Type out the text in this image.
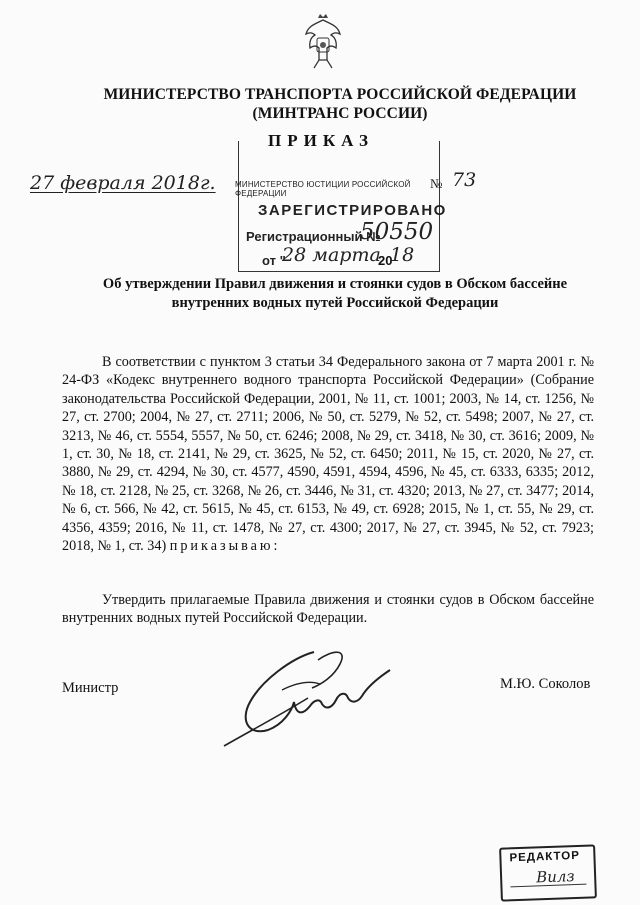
МИНИСТЕРСТВО ТРАНСПОРТА РОССИЙСКОЙ ФЕДЕРАЦИИ
(МИНТРАНС РОССИИ)
ПРИКАЗ
МИНИСТЕРСТВО ЮСТИЦИИ РОССИЙСКОЙ ФЕДЕРАЦИИ
ЗАРЕГИСТРИРОВАНО
Регистрационный №
50550
от "
28 марта
20
18
27 февраля 2018г.	№ 73
Об утверждении Правил движения и стоянки судов в Обском бассейне внутренних водных путей Российской Федерации
В соответствии с пунктом 3 статьи 34 Федерального закона от 7 марта 2001 г. № 24-ФЗ «Кодекс внутреннего водного транспорта Российской Федерации» (Собрание законодательства Российской Федерации, 2001, № 11, ст. 1001; 2003, № 14, ст. 1256, № 27, ст. 2700; 2004, № 27, ст. 2711; 2006, № 50, ст. 5279, № 52, ст. 5498; 2007, № 27, ст. 3213, № 46, ст. 5554, 5557, № 50, ст. 6246; 2008, № 29, ст. 3418, № 30, ст. 3616; 2009, № 1, ст. 30, № 18, ст. 2141, № 29, ст. 3625, № 52, ст. 6450; 2011, № 15, ст. 2020, № 27, ст. 3880, № 29, ст. 4294, № 30, ст. 4577, 4590, 4591, 4594, 4596, № 45, ст. 6333, 6335; 2012, № 18, ст. 2128, № 25, ст. 3268, № 26, ст. 3446, № 31, ст. 4320; 2013, № 27, ст. 3477; 2014, № 6, ст. 566, № 42, ст. 5615, № 45, ст. 6153, № 49, ст. 6928; 2015, № 1, ст. 55, № 29, ст. 4356, 4359; 2016, № 11, ст. 1478, № 27, ст. 4300; 2017, № 27, ст. 3945, № 52, ст. 7923; 2018, № 1, ст. 34) приказываю:
Утвердить прилагаемые Правила движения и стоянки судов в Обском бассейне внутренних водных путей Российской Федерации.
Министр	М.Ю. Соколов
РЕДАКТОР
Вилз
